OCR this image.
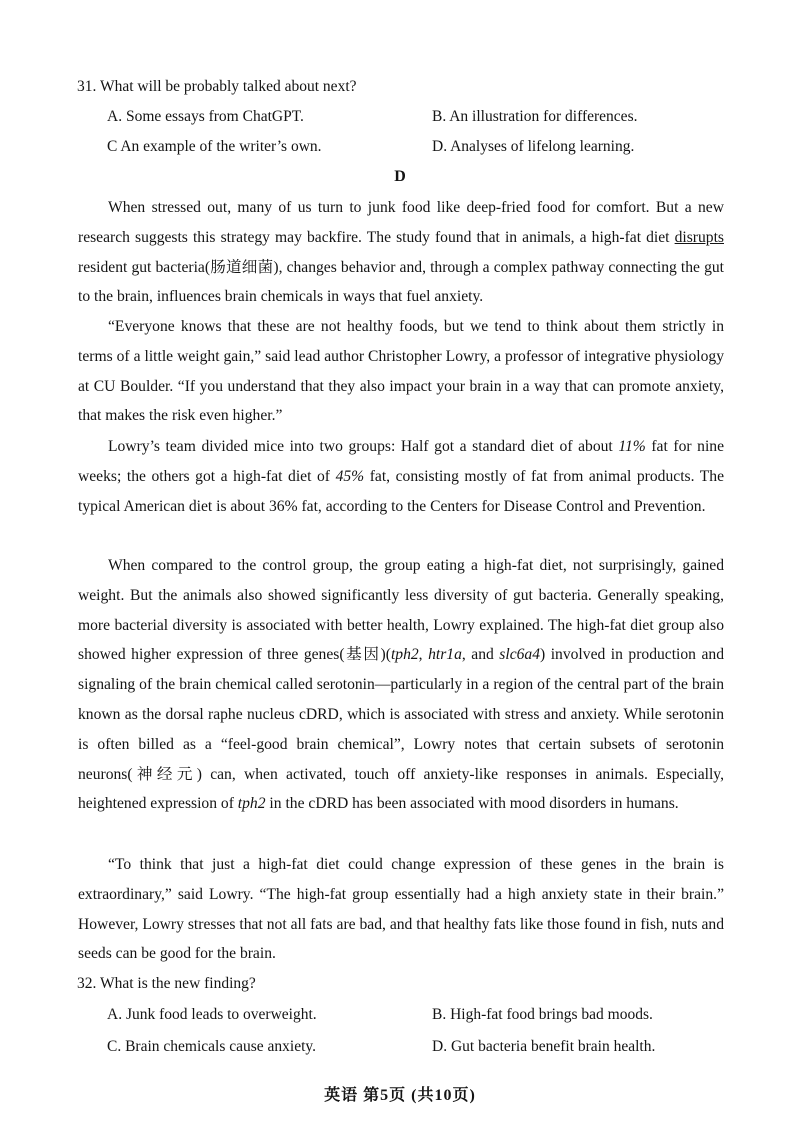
31. What will be probably talked about next?
A. Some essays from ChatGPT.	B. An illustration for differences.
C An example of the writer’s own.	D. Analyses of lifelong learning.
D

When stressed out, many of us turn to junk food like deep-fried food for comfort. But a new research suggests this strategy may backfire. The study found that in animals, a high-fat diet disrupts resident gut bacteria(肠道细菌), changes behavior and, through a complex pathway connecting the gut to the brain, influences brain chemicals in ways that fuel anxiety.

“Everyone knows that these are not healthy foods, but we tend to think about them strictly in terms of a little weight gain,” said lead author Christopher Lowry, a professor of integrative physiology at CU Boulder. “If you understand that they also impact your brain in a way that can promote anxiety, that makes the risk even higher.”

Lowry’s team divided mice into two groups: Half got a standard diet of about 11% fat for nine weeks; the others got a high-fat diet of 45% fat, consisting mostly of fat from animal products. The typical American diet is about 36% fat, according to the Centers for Disease Control and Prevention.

When compared to the control group, the group eating a high-fat diet, not surprisingly, gained weight. But the animals also showed significantly less diversity of gut bacteria. Generally speaking, more bacterial diversity is associated with better health, Lowry explained. The high-fat diet group also showed higher expression of three genes(基因)(tph2, htr1a, and slc6a4) involved in production and signaling of the brain chemical called serotonin—particularly in a region of the central part of the brain known as the dorsal raphe nucleus cDRD, which is associated with stress and anxiety. While serotonin is often billed as a “feel-good brain chemical”, Lowry notes that certain subsets of serotonin neurons(神经元) can, when activated, touch off anxiety-like responses in animals. Especially, heightened expression of tph2 in the cDRD has been associated with mood disorders in humans.

“To think that just a high-fat diet could change expression of these genes in the brain is extraordinary,” said Lowry. “The high-fat group essentially had a high anxiety state in their brain.” However, Lowry stresses that not all fats are bad, and that healthy fats like those found in fish, nuts and seeds can be good for the brain.

32. What is the new finding?
A. Junk food leads to overweight.	B. High-fat food brings bad moods.
C. Brain chemicals cause anxiety.	D. Gut bacteria benefit brain health.
英语 第5页 (共10页)
